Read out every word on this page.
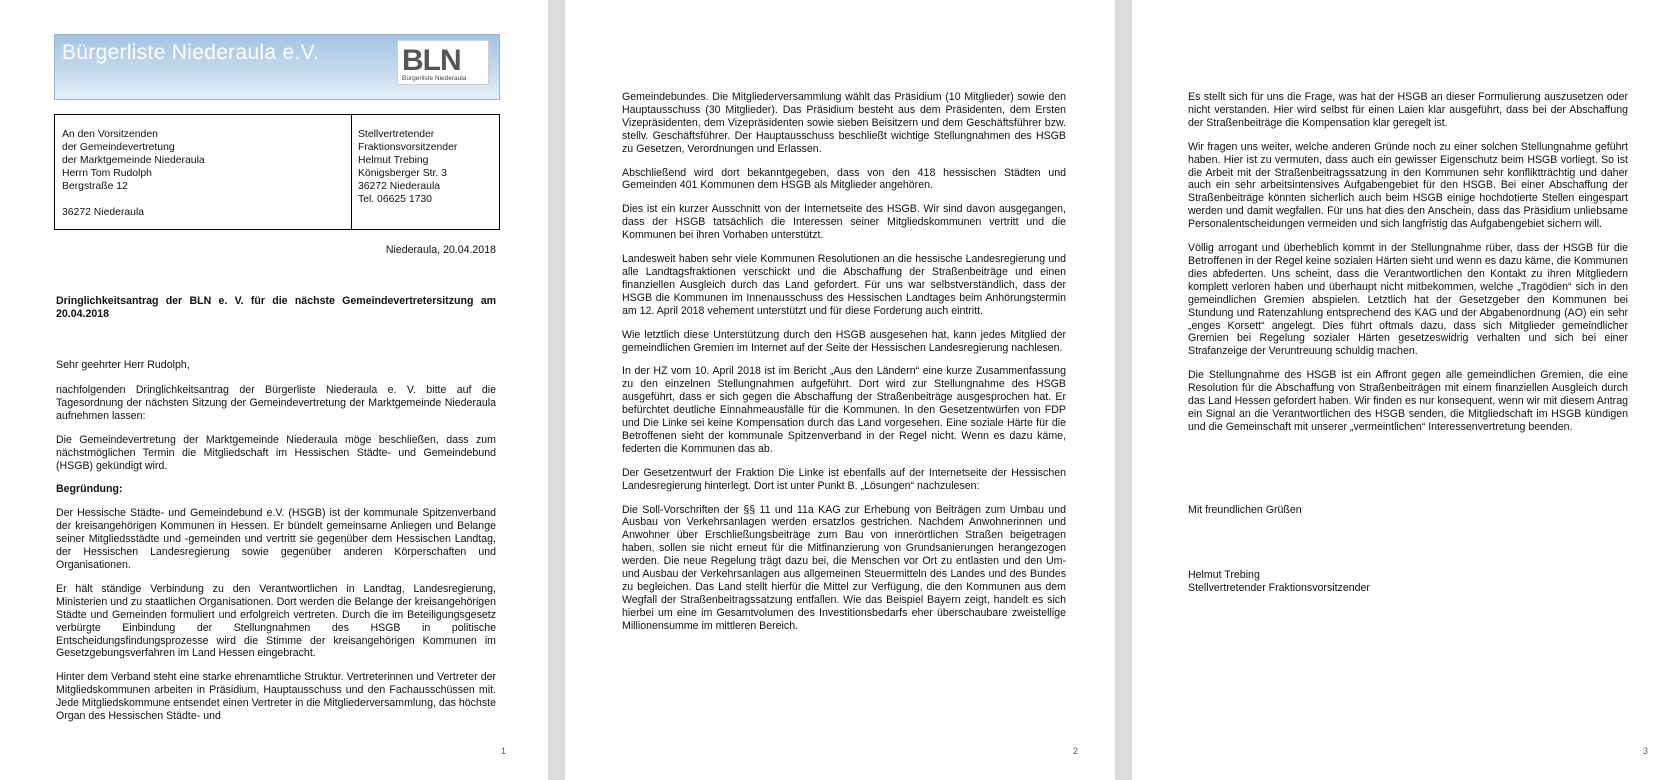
Bürgerliste Niederaula e.V.	BLN
Bürgerliste Niederaula
An den Vorsitzenden
der Gemeindevertretung
der Marktgemeinde Niederaula
Herrn Tom Rudolph
Bergstraße 12
36272 Niederaula
Stellvertretender
Fraktionsvorsitzender
Helmut Trebing
Königsberger Str. 3
36272 Niederaula
Tel. 06625 1730
Niederaula, 20.04.2018
Dringlichkeitsantrag der BLN e. V. für die nächste Gemeindevertretersitzung am 20.04.2018
Sehr geehrter Herr Rudolph,

nachfolgenden Dringlichkeitsantrag der Bürgerliste Niederaula e. V. bitte auf die Tagesordnung der nächsten Sitzung der Gemeindevertretung der Marktgemeinde Niederaula aufnehmen lassen:

Die Gemeindevertretung der Marktgemeinde Niederaula möge beschließen, dass zum nächstmöglichen Termin die Mitgliedschaft im Hessischen Städte- und Gemeindebund (HSGB) gekündigt wird.

Begründung:

Der Hessische Städte- und Gemeindebund e.V. (HSGB) ist der kommunale Spitzenverband der kreisangehörigen Kommunen in Hessen. Er bündelt gemeinsame Anliegen und Belange seiner Mitgliedsstädte und -gemeinden und vertritt sie gegenüber dem Hessischen Landtag, der Hessischen Landesregierung sowie gegenüber anderen Körperschaften und Organisationen.

Er hält ständige Verbindung zu den Verantwortlichen in Landtag, Landesregierung, Ministerien und zu staatlichen Organisationen. Dort werden die Belange der kreisangehörigen Städte und Gemeinden formuliert und erfolgreich vertreten. Durch die im Beteiligungsgesetz verbürgte Einbindung der Stellungnahmen des HSGB in politische Entscheidungsfindungsprozesse wird die Stimme der kreisangehörigen Kommunen im Gesetzgebungsverfahren im Land Hessen eingebracht.

Hinter dem Verband steht eine starke ehrenamtliche Struktur. Vertreterinnen und Vertreter der Mitgliedskommunen arbeiten in Präsidium, Hauptausschuss und den Fachausschüssen mit. Jede Mitgliedskommune entsendet einen Vertreter in die Mitgliederversammlung, das höchste Organ des Hessischen Städte- und

1

Gemeindebundes. Die Mitgliederversammlung wählt das Präsidium (10 Mitglieder) sowie den Hauptausschuss (30 Mitglieder). Das Präsidium besteht aus dem Präsidenten, dem Ersten Vizepräsidenten, dem Vizepräsidenten sowie sieben Beisitzern und dem Geschäftsführer bzw. stellv. Geschäftsführer. Der Hauptausschuss beschließt wichtige Stellungnahmen des HSGB zu Gesetzen, Verordnungen und Erlassen.

Abschließend wird dort bekanntgegeben, dass von den 418 hessischen Städten und Gemeinden 401 Kommunen dem HSGB als Mitglieder angehören.

Dies ist ein kurzer Ausschnitt von der Internetseite des HSGB. Wir sind davon ausgegangen, dass der HSGB tatsächlich die Interessen seiner Mitgliedskommunen vertritt und die Kommunen bei ihren Vorhaben unterstützt.

Landesweit haben sehr viele Kommunen Resolutionen an die hessische Landesregierung und alle Landtagsfraktionen verschickt und die Abschaffung der Straßenbeiträge und einen finanziellen Ausgleich durch das Land gefordert. Für uns war selbstverständlich, dass der HSGB die Kommunen im Innenausschuss des Hessischen Landtages beim Anhörungstermin am 12. April 2018 vehement unterstützt und für diese Forderung auch eintritt.

Wie letztlich diese Unterstützung durch den HSGB ausgesehen hat, kann jedes Mitglied der gemeindlichen Gremien im Internet auf der Seite der Hessischen Landesregierung nachlesen.

In der HZ vom 10. April 2018 ist im Bericht „Aus den Ländern“ eine kurze Zusammenfassung zu den einzelnen Stellungnahmen aufgeführt. Dort wird zur Stellungnahme des HSGB ausgeführt, dass er sich gegen die Abschaffung der Straßenbeiträge ausgesprochen hat. Er befürchtet deutliche Einnahmeausfälle für die Kommunen. In den Gesetzentwürfen von FDP und Die Linke sei keine Kompensation durch das Land vorgesehen. Eine soziale Härte für die Betroffenen sieht der kommunale Spitzenverband in der Regel nicht. Wenn es dazu käme, federten die Kommunen das ab.

Der Gesetzentwurf der Fraktion Die Linke ist ebenfalls auf der Internetseite der Hessischen Landesregierung hinterlegt. Dort ist unter Punkt B. „Lösungen“ nachzulesen:

Die Soll-Vorschriften der §§ 11 und 11a KAG zur Erhebung von Beiträgen zum Umbau und Ausbau von Verkehrsanlagen werden ersatzlos gestrichen. Nachdem Anwohnerinnen und Anwohner über Erschließungsbeiträge zum Bau von innerörtlichen Straßen beigetragen haben, sollen sie nicht erneut für die Mitfinanzierung von Grundsanierungen herangezogen werden. Die neue Regelung trägt dazu bei, die Menschen vor Ort zu entlasten und den Um- und Ausbau der Verkehrsanlagen aus allgemeinen Steuermitteln des Landes und des Bundes zu begleichen. Das Land stellt hierfür die Mittel zur Verfügung, die den Kommunen aus dem Wegfall der Straßenbeitragssatzung entfallen. Wie das Beispiel Bayern zeigt, handelt es sich hierbei um eine im Gesamtvolumen des Investitionsbedarfs eher überschaubare zweistellige Millionensumme im mittleren Bereich.

2

Es stellt sich für uns die Frage, was hat der HSGB an dieser Formulierung auszusetzen oder nicht verstanden. Hier wird selbst für einen Laien klar ausgeführt, dass bei der Abschaffung der Straßenbeiträge die Kompensation klar geregelt ist.

Wir fragen uns weiter, welche anderen Gründe noch zu einer solchen Stellungnahme geführt haben. Hier ist zu vermuten, dass auch ein gewisser Eigenschutz beim HSGB vorliegt. So ist die Arbeit mit der Straßenbeitragssatzung in den Kommunen sehr konfliktträchtig und daher auch ein sehr arbeitsintensives Aufgabengebiet für den HSGB. Bei einer Abschaffung der Straßenbeiträge könnten sicherlich auch beim HSGB einige hochdotierte Stellen eingespart werden und damit wegfallen. Für uns hat dies den Anschein, dass das Präsidium unliebsame Personalentscheidungen vermeiden und sich langfristig das Aufgabengebiet sichern will.

Völlig arrogant und überheblich kommt in der Stellungnahme rüber, dass der HSGB für die Betroffenen in der Regel keine sozialen Härten sieht und wenn es dazu käme, die Kommunen dies abfederten. Uns scheint, dass die Verantwortlichen den Kontakt zu ihren Mitgliedern komplett verloren haben und überhaupt nicht mitbekommen, welche „Tragödien“ sich in den gemeindlichen Gremien abspielen. Letztlich hat der Gesetzgeber den Kommunen bei Stundung und Ratenzahlung entsprechend des KAG und der Abgabenordnung (AO) ein sehr „enges Korsett“ angelegt. Dies führt oftmals dazu, dass sich Mitglieder gemeindlicher Gremien bei Regelung sozialer Härten gesetzeswidrig verhalten und sich bei einer Strafanzeige der Veruntreuung schuldig machen.

Die Stellungnahme des HSGB ist ein Affront gegen alle gemeindlichen Gremien, die eine Resolution für die Abschaffung von Straßenbeiträgen mit einem finanziellen Ausgleich durch das Land Hessen gefordert haben. Wir finden es nur konsequent, wenn wir mit diesem Antrag ein Signal an die Verantwortlichen des HSGB senden, die Mitgliedschaft im HSGB kündigen und die Gemeinschaft mit unserer „vermeintlichen“ Interessenvertretung beenden.

Mit freundlichen Grüßen
Helmut Trebing
Stellvertretender Fraktionsvorsitzender
3
